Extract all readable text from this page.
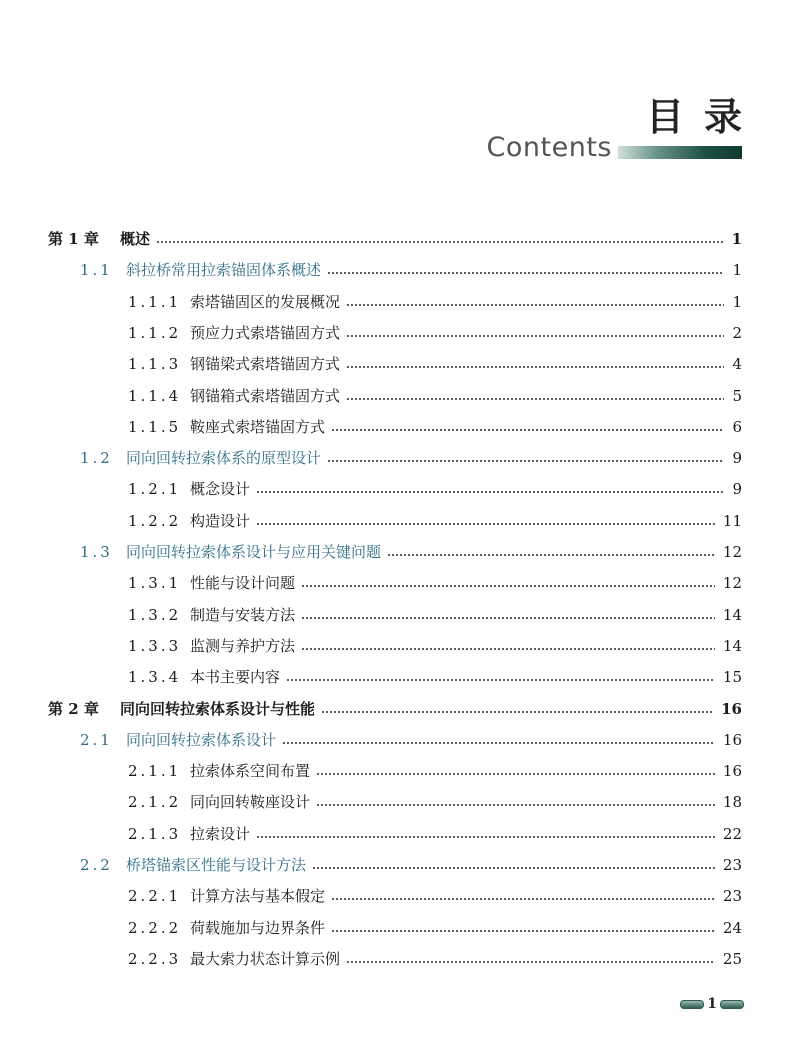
目录
Contents
第 1 章	概述	1
1.1 斜拉桥常用拉索锚固体系概述	1
1.1.1 索塔锚固区的发展概况	1
1.1.2 预应力式索塔锚固方式	2
1.1.3 钢锚梁式索塔锚固方式	4
1.1.4 钢锚箱式索塔锚固方式	5
1.1.5 鞍座式索塔锚固方式	6
1.2 同向回转拉索体系的原型设计	9
1.2.1 概念设计	9
1.2.2 构造设计	11
1.3 同向回转拉索体系设计与应用关键问题	12
1.3.1 性能与设计问题	12
1.3.2 制造与安装方法	14
1.3.3 监测与养护方法	14
1.3.4 本书主要内容	15
第 2 章	同向回转拉索体系设计与性能	16
2.1 同向回转拉索体系设计	16
2.1.1 拉索体系空间布置	16
2.1.2 同向回转鞍座设计	18
2.1.3 拉索设计	22
2.2 桥塔锚索区性能与设计方法	23
2.2.1 计算方法与基本假定	23
2.2.2 荷载施加与边界条件	24
2.2.3 最大索力状态计算示例	25
1
